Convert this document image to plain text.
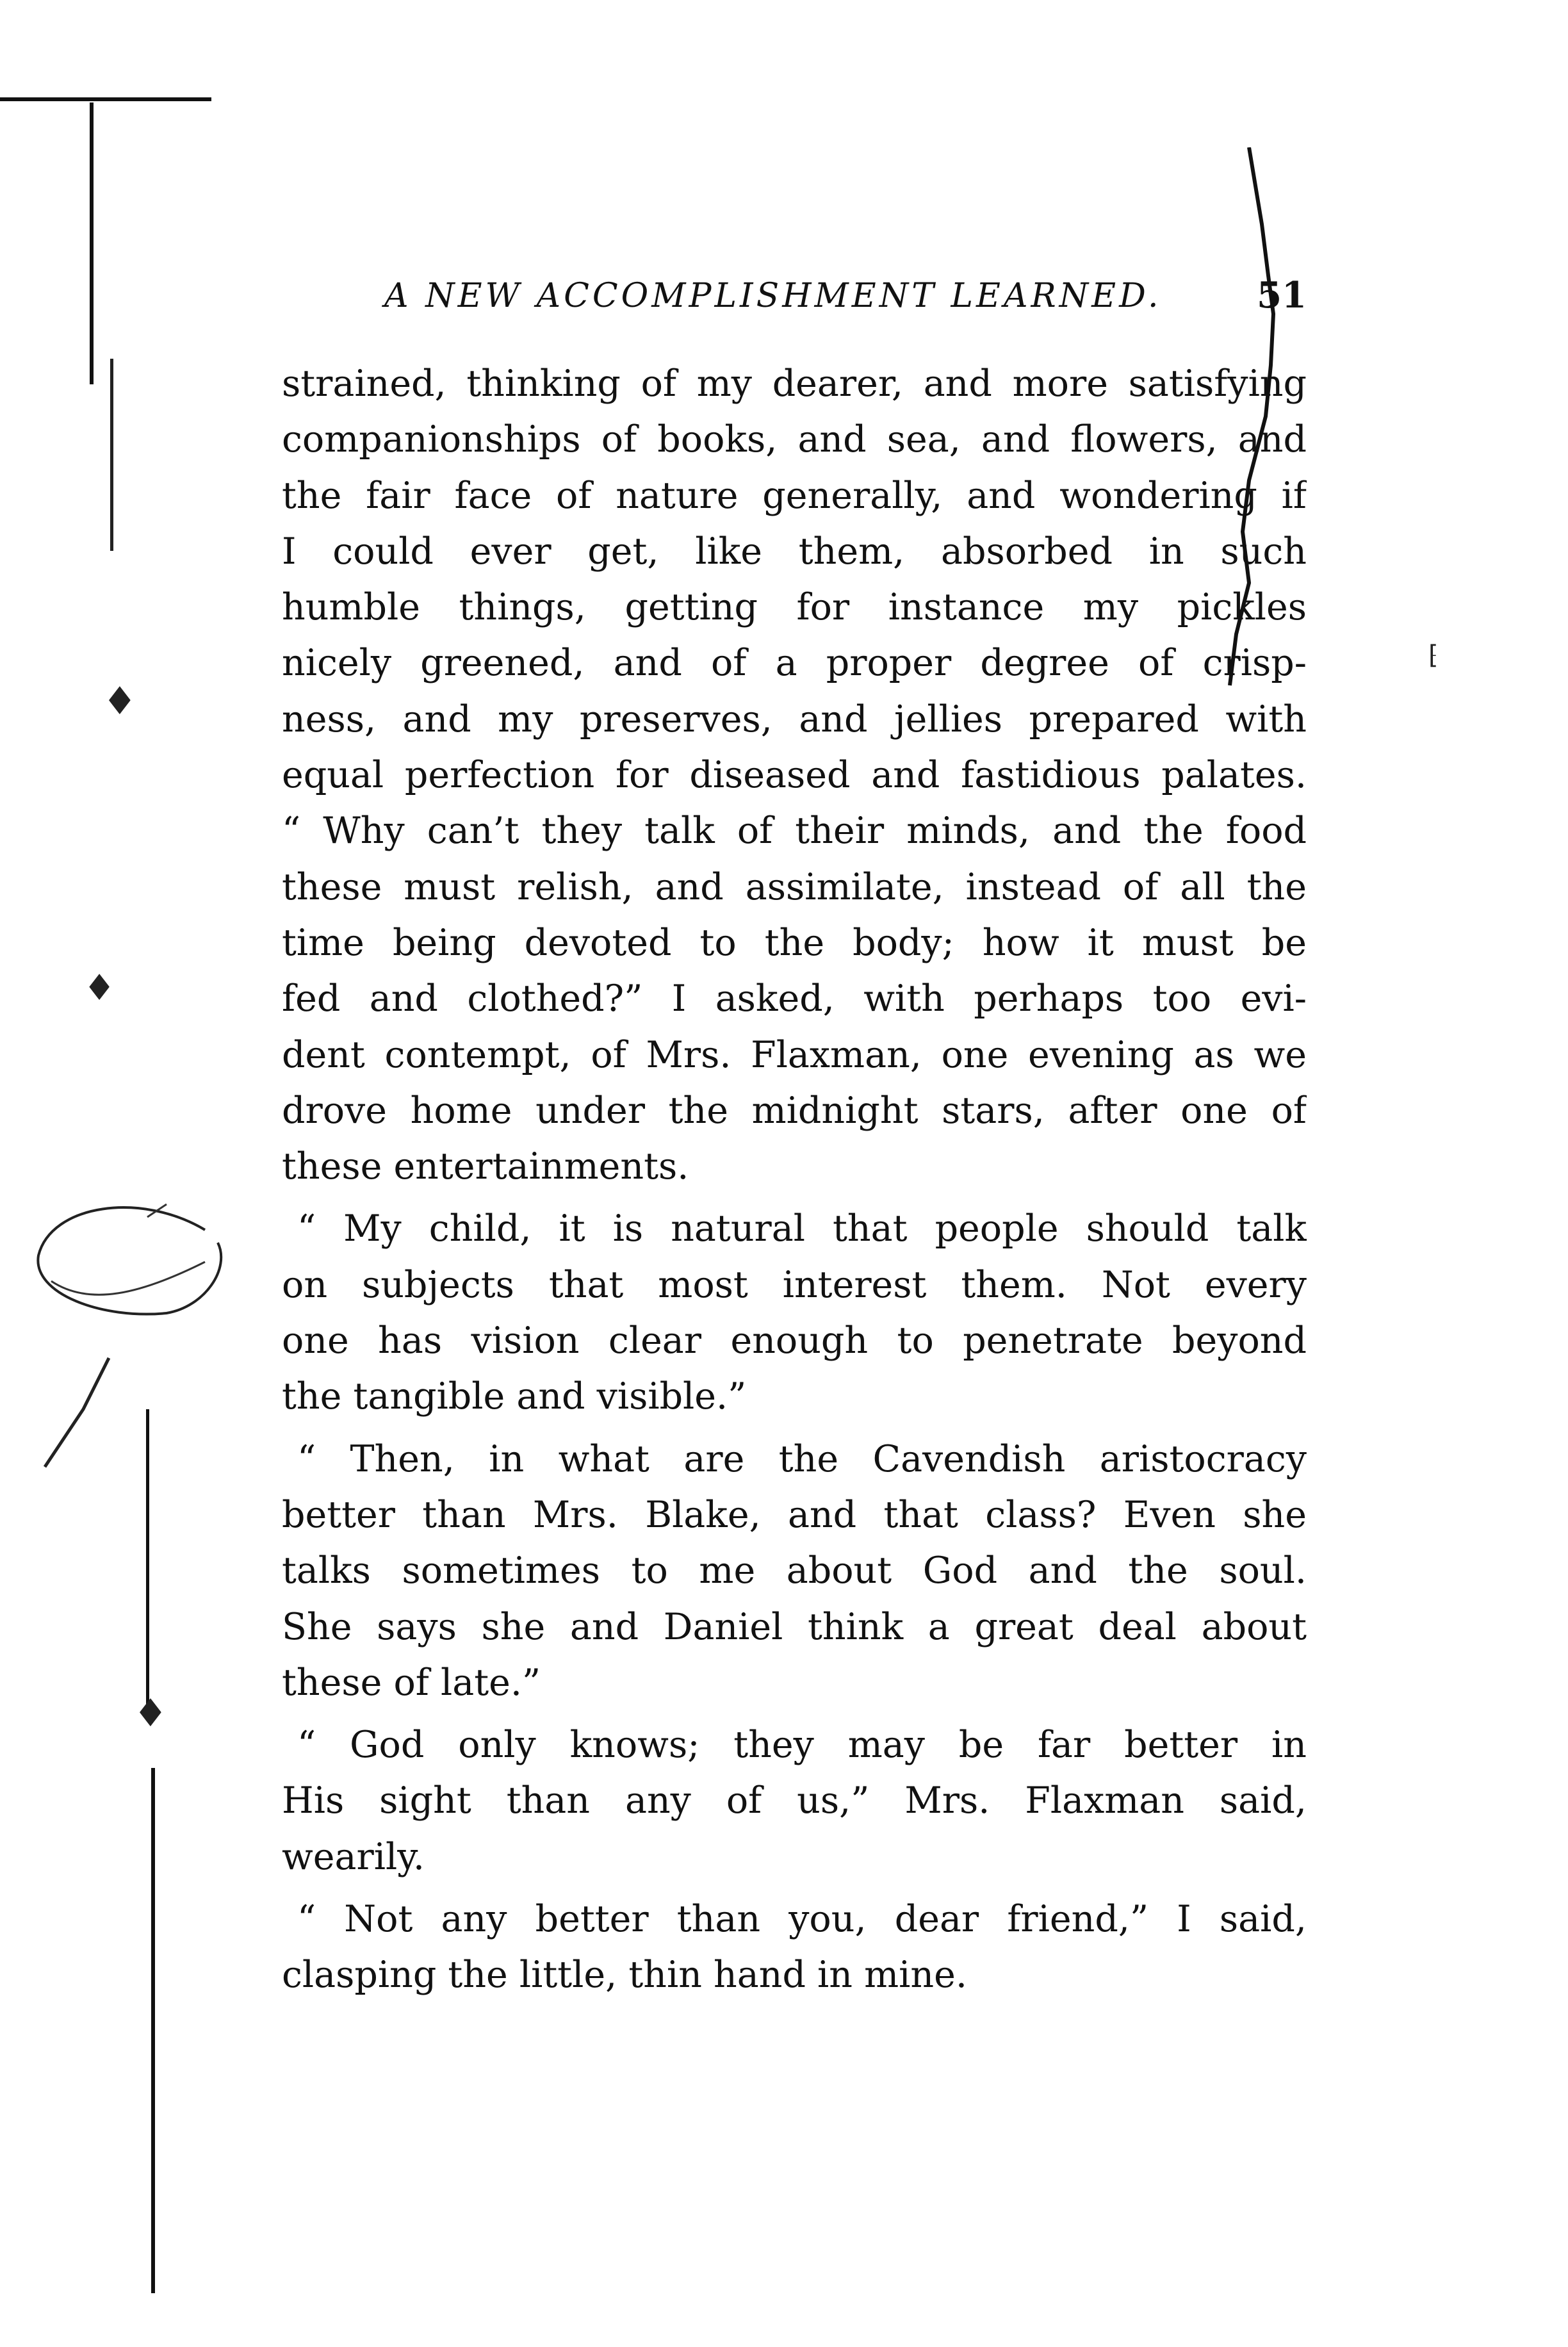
♦
♦
♦
⁅
A NEW ACCOMPLISHMENT LEARNED.	51
strained, thinking of my dearer, and more satisfying
companionships of books, and sea, and flowers, and
the fair face of nature generally, and wondering if
I could ever get, like them, absorbed in such
humble things, getting for instance my pickles
nicely greened, and of a proper degree of crisp-
ness, and my preserves, and jellies prepared with
equal perfection for diseased and fastidious palates.
“ Why can’t they talk of their minds, and the food
these must relish, and assimilate, instead of all the
time being devoted to the body; how it must be
fed and clothed?” I asked, with perhaps too evi-
dent contempt, of Mrs. Flaxman, one evening as we
drove home under the midnight stars, after one of
these entertainments.
“ My child, it is natural that people should talk
on subjects that most interest them. Not every
one has vision clear enough to penetrate beyond
the tangible and visible.”
“ Then, in what are the Cavendish aristocracy
better than Mrs. Blake, and that class? Even she
talks sometimes to me about God and the soul.
She says she and Daniel think a great deal about
these of late.”
“ God only knows; they may be far better in
His sight than any of us,” Mrs. Flaxman said,
wearily.
“ Not any better than you, dear friend,” I said,
clasping the little, thin hand in mine.
